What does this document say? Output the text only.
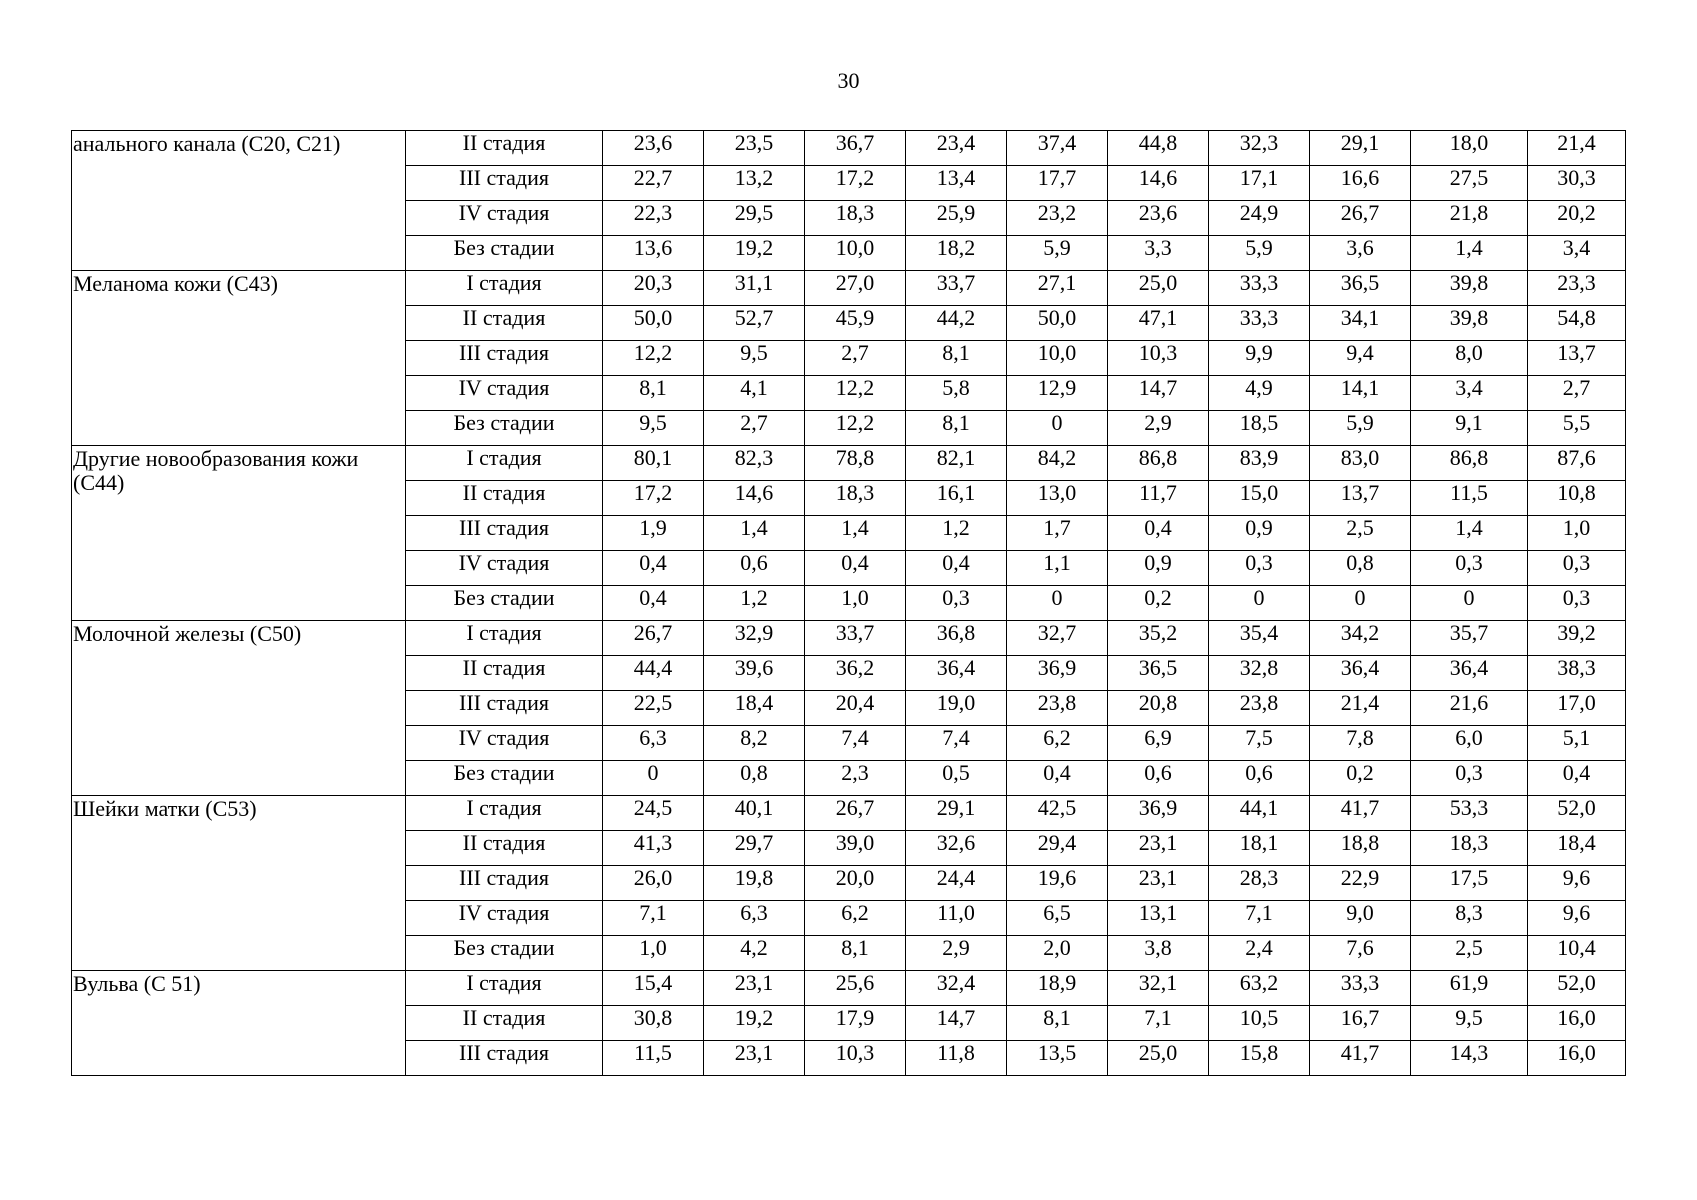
30
анального канала (С20, С21)	II стадия	23,6	23,5	36,7	23,4	37,4	44,8	32,3	29,1	18,0	21,4
	III стадия	22,7	13,2	17,2	13,4	17,7	14,6	17,1	16,6	27,5	30,3
	IV стадия	22,3	29,5	18,3	25,9	23,2	23,6	24,9	26,7	21,8	20,2
	Без стадии	13,6	19,2	10,0	18,2	5,9	3,3	5,9	3,6	1,4	3,4
Меланома кожи (С43)	I стадия	20,3	31,1	27,0	33,7	27,1	25,0	33,3	36,5	39,8	23,3
	II стадия	50,0	52,7	45,9	44,2	50,0	47,1	33,3	34,1	39,8	54,8
	III стадия	12,2	9,5	2,7	8,1	10,0	10,3	9,9	9,4	8,0	13,7
	IV стадия	8,1	4,1	12,2	5,8	12,9	14,7	4,9	14,1	3,4	2,7
	Без стадии	9,5	2,7	12,2	8,1	0	2,9	18,5	5,9	9,1	5,5
Другие новообразования кожи (С44)	I стадия	80,1	82,3	78,8	82,1	84,2	86,8	83,9	83,0	86,8	87,6
	II стадия	17,2	14,6	18,3	16,1	13,0	11,7	15,0	13,7	11,5	10,8
	III стадия	1,9	1,4	1,4	1,2	1,7	0,4	0,9	2,5	1,4	1,0
	IV стадия	0,4	0,6	0,4	0,4	1,1	0,9	0,3	0,8	0,3	0,3
	Без стадии	0,4	1,2	1,0	0,3	0	0,2	0	0	0	0,3
Молочной железы (С50)	I стадия	26,7	32,9	33,7	36,8	32,7	35,2	35,4	34,2	35,7	39,2
	II стадия	44,4	39,6	36,2	36,4	36,9	36,5	32,8	36,4	36,4	38,3
	III стадия	22,5	18,4	20,4	19,0	23,8	20,8	23,8	21,4	21,6	17,0
	IV стадия	6,3	8,2	7,4	7,4	6,2	6,9	7,5	7,8	6,0	5,1
	Без стадии	0	0,8	2,3	0,5	0,4	0,6	0,6	0,2	0,3	0,4
Шейки матки (С53)	I стадия	24,5	40,1	26,7	29,1	42,5	36,9	44,1	41,7	53,3	52,0
	II стадия	41,3	29,7	39,0	32,6	29,4	23,1	18,1	18,8	18,3	18,4
	III стадия	26,0	19,8	20,0	24,4	19,6	23,1	28,3	22,9	17,5	9,6
	IV стадия	7,1	6,3	6,2	11,0	6,5	13,1	7,1	9,0	8,3	9,6
	Без стадии	1,0	4,2	8,1	2,9	2,0	3,8	2,4	7,6	2,5	10,4
Вульва (С 51)	I стадия	15,4	23,1	25,6	32,4	18,9	32,1	63,2	33,3	61,9	52,0
	II стадия	30,8	19,2	17,9	14,7	8,1	7,1	10,5	16,7	9,5	16,0
	III стадия	11,5	23,1	10,3	11,8	13,5	25,0	15,8	41,7	14,3	16,0
